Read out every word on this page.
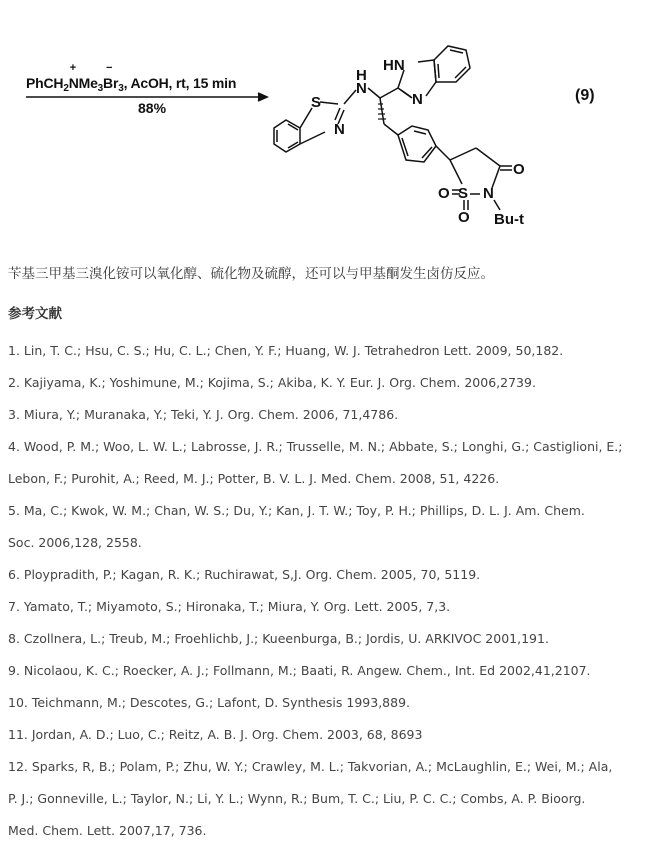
S
N
H
N
HN
N
O
O S N
O Bu-t
PhCH$_2$
+
NMe$_3$
−
$Br_3$, AcOH, rt, 15 min
88%
(9)
苄基三甲基三溴化铵可以氧化醇、硫化物及硫醇，还可以与甲基酮发生卤仿反应。
参考文献
1. Lin, T. C.; Hsu, C. S.; Hu, C. L.; Chen, Y. F.; Huang, W. J. Tetrahedron Lett. 2009, 50,182.
2. Kajiyama, K.; Yoshimune, M.; Kojima, S.; Akiba, K. Y. Eur. J. Org. Chem. 2006,2739.
3. Miura, Y.; Muranaka, Y.; Teki, Y. J. Org. Chem. 2006, 71,4786.
4. Wood, P. M.; Woo, L. W. L.; Labrosse, J. R.; Trusselle, M. N.; Abbate, S.; Longhi, G.; Castiglioni, E.;
Lebon, F.; Purohit, A.; Reed, M. J.; Potter, B. V. L. J. Med. Chem. 2008, 51, 4226.
5. Ma, C.; Kwok, W. M.; Chan, W. S.; Du, Y.; Kan, J. T. W.; Toy, P. H.; Phillips, D. L. J. Am. Chem.
Soc. 2006,128, 2558.
6. Ploypradith, P.; Kagan, R. K.; Ruchirawat, S,J. Org. Chem. 2005, 70, 5119.
7. Yamato, T.; Miyamoto, S.; Hironaka, T.; Miura, Y. Org. Lett. 2005, 7,3.
8. Czollnera, L.; Treub, M.; Froehlichb, J.; Kueenburga, B.; Jordis, U. ARKIVOC 2001,191.
9. Nicolaou, K. C.; Roecker, A. J.; Follmann, M.; Baati, R. Angew. Chem., Int. Ed 2002,41,2107.
10. Teichmann, M.; Descotes, G.; Lafont, D. Synthesis 1993,889.
11. Jordan, A. D.; Luo, C.; Reitz, A. B. J. Org. Chem. 2003, 68, 8693
12. Sparks, R, B.; Polam, P.; Zhu, W. Y.; Crawley, M. L.; Takvorian, A.; McLaughlin, E.; Wei, M.; Ala,
P. J.; Gonneville, L.; Taylor, N.; Li, Y. L.; Wynn, R.; Bum, T. C.; Liu, P. C. C.; Combs, A. P. Bioorg.
Med. Chem. Lett. 2007,17, 736.
